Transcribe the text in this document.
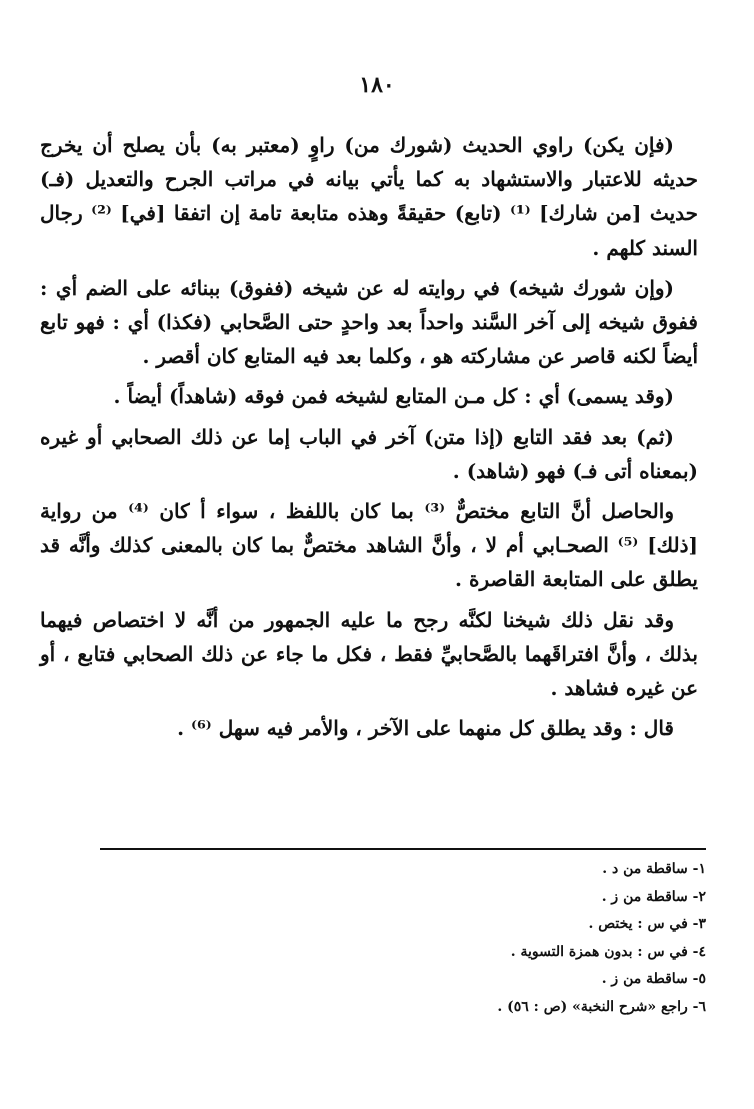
١٨٠

(فإن يكن) راوي الحديث (شورك من) راوٍ (معتبر به) بأن يصلح أن يخرج حديثه للاعتبار والاستشهاد به كما يأتي بيانه في مراتب الجرح والتعديل (فـ) حديث [من شارك] ⁽¹⁾ (تابع) حقيقةً وهذه متابعة تامة إن اتفقا [في] ⁽²⁾ رجال السند كلهم .

(وإن شورك شيخه) في روايته له عن شيخه (ففوق) ببنائه على الضم أي : ففوق شيخه إلى آخر السَّند واحداً بعد واحدٍ حتى الصَّحابي (فكذا) أي : فهو تابع أيضاً لكنه قاصر عن مشاركته هو ، وكلما بعد فيه المتابع كان أقصر .

(وقد يسمى) أي : كل مـن المتابع لشيخه فمن فوقه (شاهداً) أيضاً .

(ثم) بعد فقد التابع (إذا متن) آخر في الباب إما عن ذلك الصحابي أو غيره (بمعناه أتى فـ) فهو (شاهد) .

والحاصل أنَّ التابع مختصٌّ ⁽³⁾ بما كان باللفظ ، سواء أ كان ⁽⁴⁾ من رواية [ذلك] ⁽⁵⁾ الصحـابي أم لا ، وأنَّ الشاهد مختصٌّ بما كان بالمعنى كذلك وأنَّه قد يطلق على المتابعة القاصرة .

وقد نقل ذلك شيخنا لكنَّه رجح ما عليه الجمهور من أنَّه لا اختصاص فيهما بذلك ، وأنَّ افتراقَهما بالصَّحابيِّ فقط ، فكل ما جاء عن ذلك الصحابي فتابع ، أو عن غيره فشاهد .

قال : وقد يطلق كل منهما على الآخر ، والأمر فيه سهل ⁽⁶⁾ .

١- ساقطة من د .

٢- ساقطة من ز .

٣- في س : يختص .

٤- في س : بدون همزة التسوية .

٥- ساقطة من ز .

٦- راجع «شرح النخبة» (ص : ٥٦) .
